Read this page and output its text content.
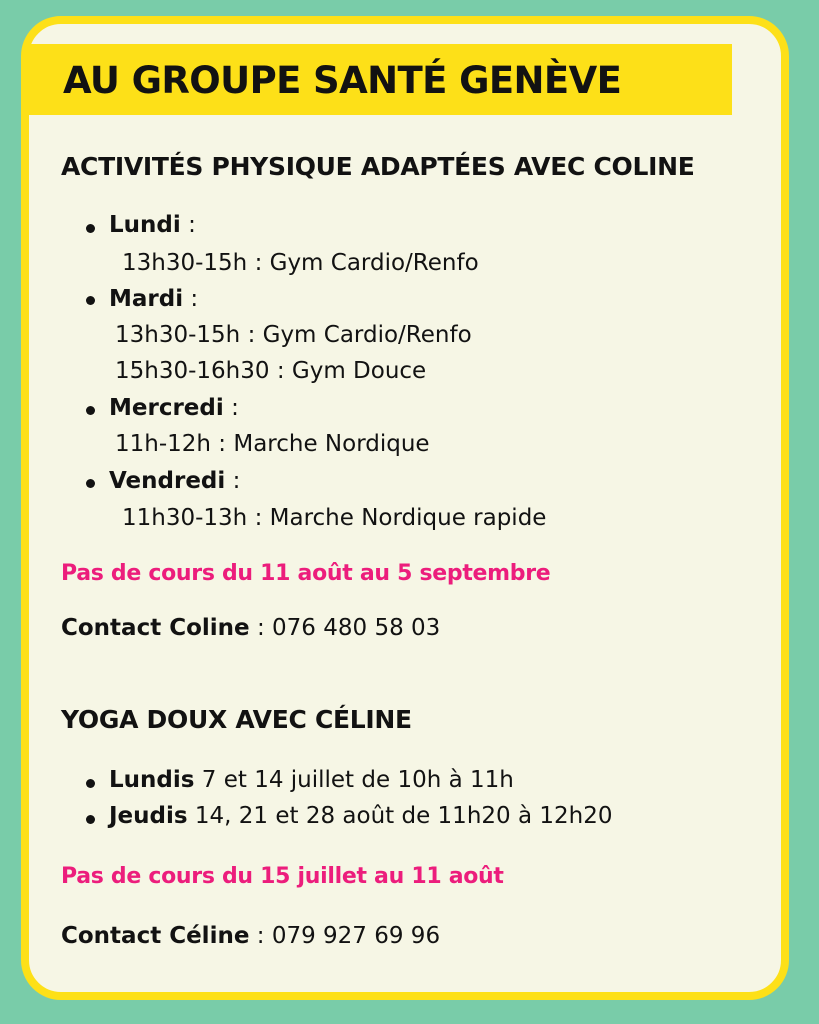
AU GROUPE SANTÉ GENÈVE
ACTIVITÉS PHYSIQUE ADAPTÉES AVEC COLINE

Lundi :

13h30-15h : Gym Cardio/Renfo

Mardi :

13h30-15h : Gym Cardio/Renfo

15h30-16h30 : Gym Douce

Mercredi :

11h-12h : Marche Nordique

Vendredi :

11h30-13h : Marche Nordique rapide

Pas de cours du 11 août au 5 septembre

Contact Coline : 076 480 58 03

YOGA DOUX AVEC CÉLINE

Lundis 7 et 14 juillet de 10h à 11h

Jeudis 14, 21 et 28 août de 11h20 à 12h20

Pas de cours du 15 juillet au 11 août

Contact Céline : 079 927 69 96
